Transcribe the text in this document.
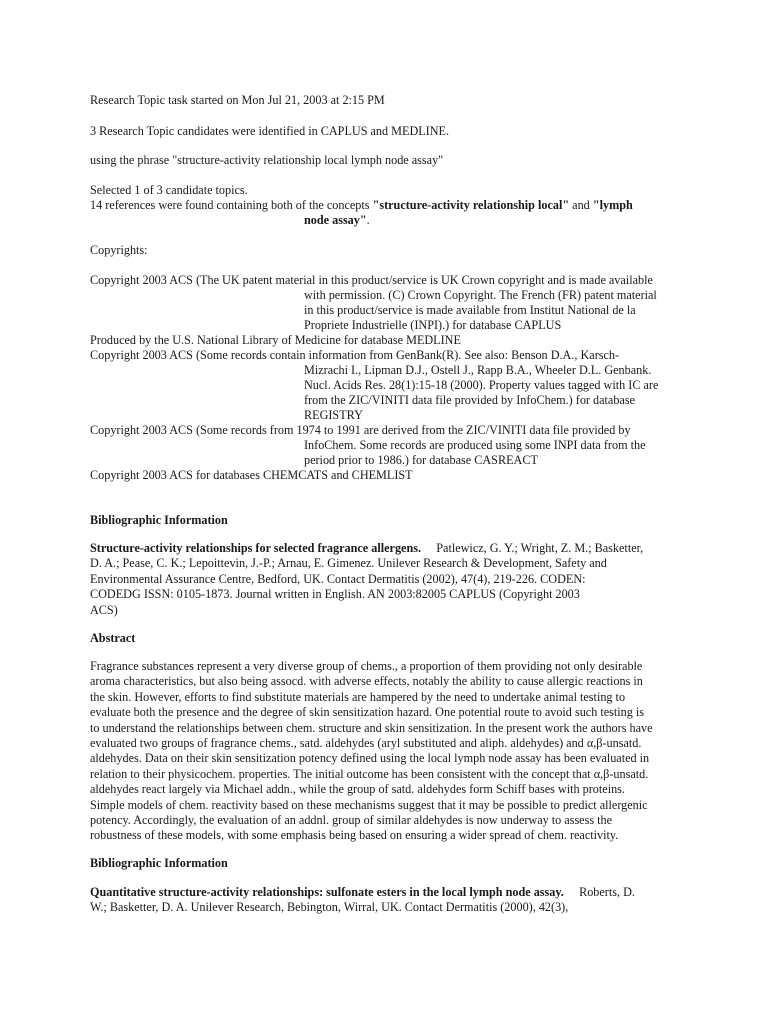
Research Topic task started on Mon Jul 21, 2003 at 2:15 PM
3 Research Topic candidates were identified in CAPLUS and MEDLINE.
using the phrase "structure-activity relationship local lymph node assay"
Selected 1 of 3 candidate topics.
14 references were found containing both of the concepts "structure-activity relationship local" and "lymph
node assay".
Copyrights:
Copyright 2003 ACS (The UK patent material in this product/service is UK Crown copyright and is made available
with permission. (C) Crown Copyright. The French (FR) patent material
in this product/service is made available from Institut National de la
Propriete Industrielle (INPI).) for database CAPLUS
Produced by the U.S. National Library of Medicine for database MEDLINE
Copyright 2003 ACS (Some records contain information from GenBank(R). See also: Benson D.A., Karsch-
Mizrachi I., Lipman D.J., Ostell J., Rapp B.A., Wheeler D.L. Genbank.
Nucl. Acids Res. 28(1):15-18 (2000). Property values tagged with IC are
from the ZIC/VINITI data file provided by InfoChem.) for database
REGISTRY
Copyright 2003 ACS (Some records from 1974 to 1991 are derived from the ZIC/VINITI data file provided by
InfoChem. Some records are produced using some INPI data from the
period prior to 1986.) for database CASREACT
Copyright 2003 ACS for databases CHEMCATS and CHEMLIST
Bibliographic Information
Structure-activity relationships for selected fragrance allergens.     Patlewicz, G. Y.; Wright, Z. M.; Basketter,
D. A.; Pease, C. K.; Lepoittevin, J.-P.; Arnau, E. Gimenez. Unilever Research & Development, Safety and
Environmental Assurance Centre, Bedford, UK. Contact Dermatitis (2002), 47(4), 219-226. CODEN:
CODEDG ISSN: 0105-1873. Journal written in English. AN 2003:82005 CAPLUS (Copyright 2003
ACS)
Abstract
Fragrance substances represent a very diverse group of chems., a proportion of them providing not only desirable
aroma characteristics, but also being assocd. with adverse effects, notably the ability to cause allergic reactions in
the skin. However, efforts to find substitute materials are hampered by the need to undertake animal testing to
evaluate both the presence and the degree of skin sensitization hazard. One potential route to avoid such testing is
to understand the relationships between chem. structure and skin sensitization. In the present work the authors have
evaluated two groups of fragrance chems., satd. aldehydes (aryl substituted and aliph. aldehydes) and α,β-unsatd.
aldehydes. Data on their skin sensitization potency defined using the local lymph node assay has been evaluated in
relation to their physicochem. properties. The initial outcome has been consistent with the concept that α,β-unsatd.
aldehydes react largely via Michael addn., while the group of satd. aldehydes form Schiff bases with proteins.
Simple models of chem. reactivity based on these mechanisms suggest that it may be possible to predict allergenic
potency. Accordingly, the evaluation of an addnl. group of similar aldehydes is now underway to assess the
robustness of these models, with some emphasis being based on ensuring a wider spread of chem. reactivity.
Bibliographic Information
Quantitative structure-activity relationships: sulfonate esters in the local lymph node assay.     Roberts, D.
W.; Basketter, D. A. Unilever Research, Bebington, Wirral, UK. Contact Dermatitis (2000), 42(3),
